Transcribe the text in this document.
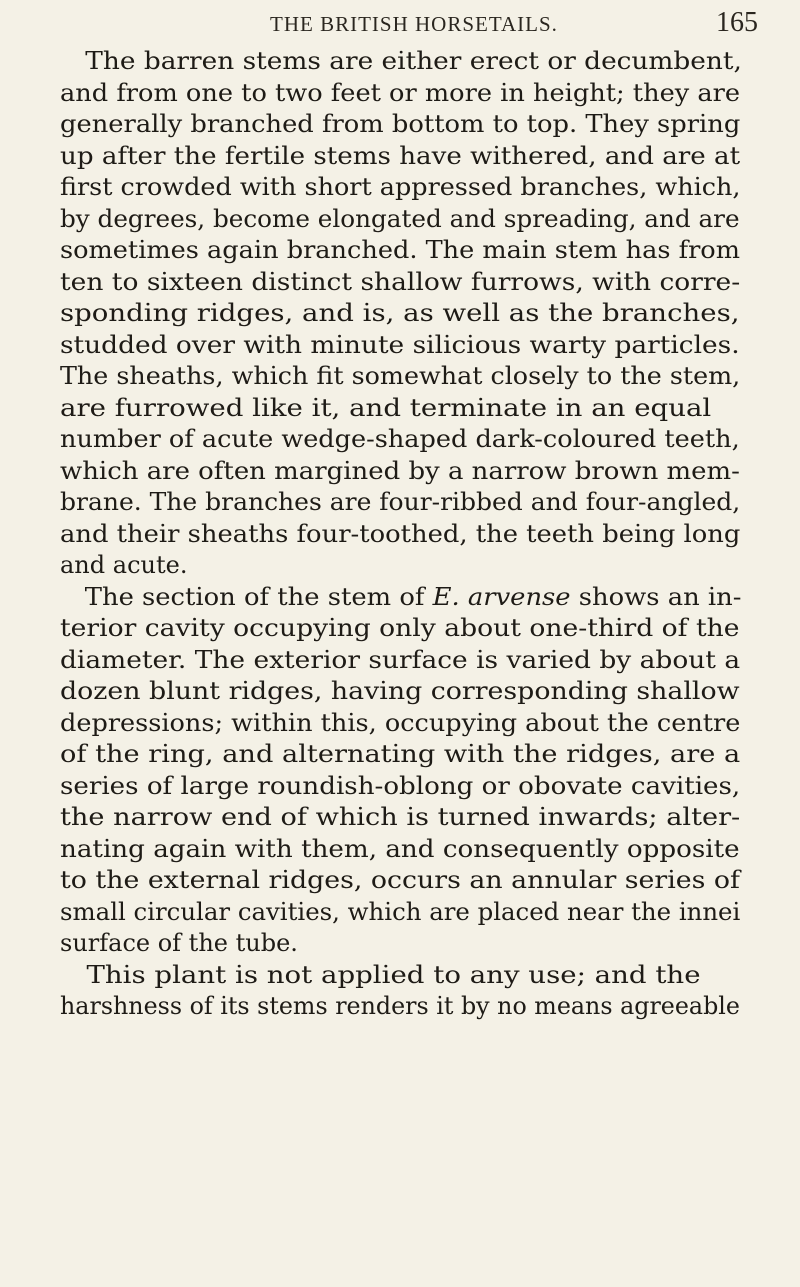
THE BRITISH HORSETAILS.	165
The barren stems are either erect or decumbent,
and from one to two feet or more in height; they are
generally branched from bottom to top. They spring
up after the fertile stems have withered, and are at
first crowded with short appressed branches, which,
by degrees, become elongated and spreading, and are
sometimes again branched. The main stem has from
ten to sixteen distinct shallow furrows, with corre-
sponding ridges, and is, as well as the branches,
studded over with minute silicious warty particles.
The sheaths, which fit somewhat closely to the stem,
are furrowed like it, and terminate in an equal
number of acute wedge-shaped dark-coloured teeth,
which are often margined by a narrow brown mem-
brane. The branches are four-ribbed and four-angled,
and their sheaths four-toothed, the teeth being long
and acute.
The section of the stem of E. arvense shows an in-
terior cavity occupying only about one-third of the
diameter. The exterior surface is varied by about a
dozen blunt ridges, having corresponding shallow
depressions; within this, occupying about the centre
of the ring, and alternating with the ridges, are a
series of large roundish-oblong or obovate cavities,
the narrow end of which is turned inwards; alter-
nating again with them, and consequently opposite
to the external ridges, occurs an annular series of
small circular cavities, which are placed near the innei
surface of the tube.
This plant is not applied to any use; and the
harshness of its stems renders it by no means agreeable
